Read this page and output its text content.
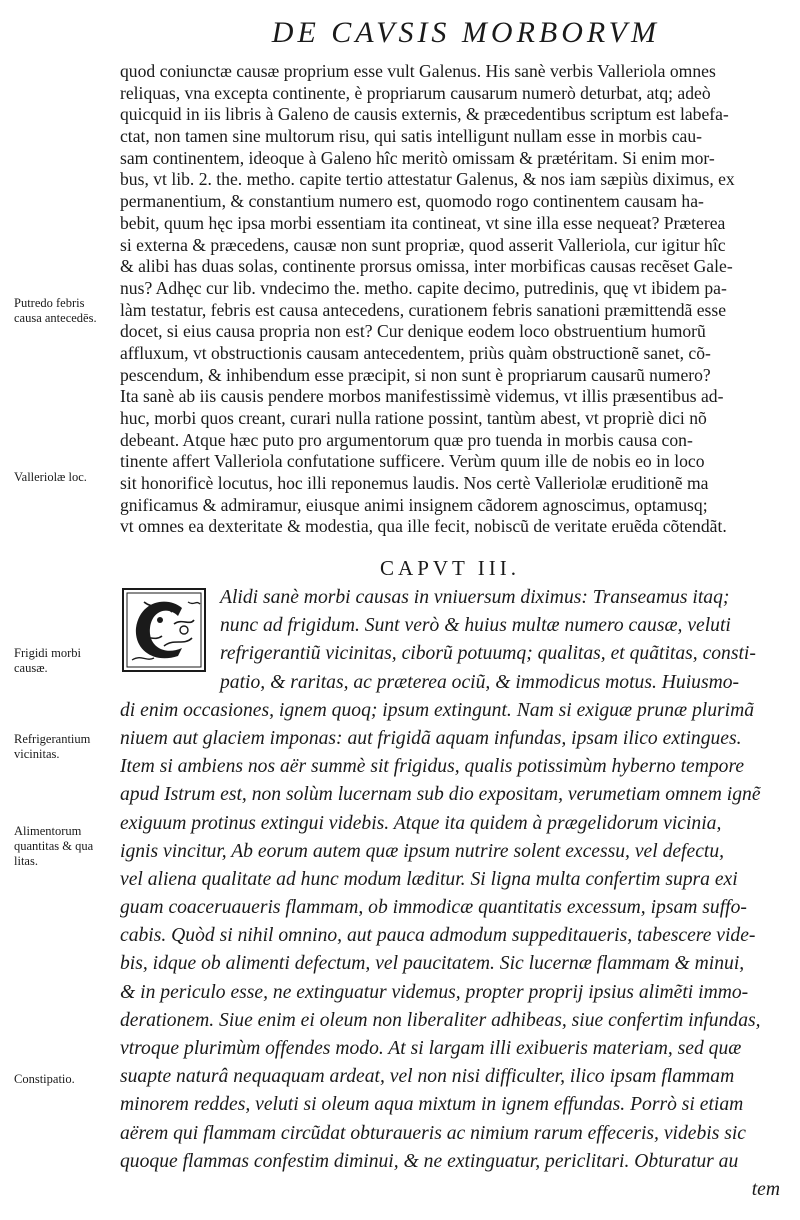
DE CAVSIS MORBORVM
quod coniunctæ causæ proprium esse vult Galenus. His sanè verbis Valleriola omnes
reliquas, vna excepta continente, è propriarum causarum numerò deturbat, atq; adeò
quicquid in iis libris à Galeno de causis externis, & præcedentibus scriptum est labefa-
ctat, non tamen sine multorum risu, qui satis intelligunt nullam esse in morbis cau-
sam continentem, ideoque à Galeno hîc meritò omissam & prætéritam. Si enim mor-
bus, vt lib. 2. the. metho. capite tertio attestatur Galenus, & nos iam sæpiùs diximus, ex
permanentium, & constantium numero est, quomodo rogo continentem causam ha-
bebit, quum hęc ipsa morbi essentiam ita contineat, vt sine illa esse nequeat? Præterea
si externa & præcedens, causæ non sunt propriæ, quod asserit Valleriola, cur igitur hîc
& alibi has duas solas, continente prorsus omissa, inter morbificas causas recẽset Gale-
nus? Adhęc cur lib. vndecimo the. metho. capite decimo, putredinis, quę vt ibidem pa-
làm testatur, febris est causa antecedens, curationem febris sanationi præmittendã esse
docet, si eius causa propria non est? Cur denique eodem loco obstruentium humorũ
affluxum, vt obstructionis causam antecedentem, priùs quàm obstructionẽ sanet, cõ-
pescendum, & inhibendum esse præcipit, si non sunt è propriarum causarũ numero?
Ita sanè ab iis causis pendere morbos manifestissimè videmus, vt illis præsentibus ad-
huc, morbi quos creant, curari nulla ratione possint, tantùm abest, vt propriè dici nõ
debeant. Atque hæc puto pro argumentorum quæ pro tuenda in morbis causa con-
tinente affert Valleriola confutatione sufficere. Verùm quum ille de nobis eo in loco
sit honorificè locutus, hoc illi reponemus laudis. Nos certè Valleriolæ eruditionẽ ma
gnificamus & admiramur, eiusque animi insignem cãdorem agnoscimus, optamusq;
vt omnes ea dexteritate & modestia, qua ille fecit, nobiscũ de veritate eruẽda cõtendãt.
CAPVT III.
Alidi sanè morbi causas in vniuersum diximus: Transeamus itaq;
nunc ad frigidum. Sunt verò & huius multæ numero causæ, veluti
refrigerantiũ vicinitas, ciborũ potuumq; qualitas, et quãtitas, consti-
patio, & raritas, ac præterea ociũ, & immodicus motus. Huiusmo-
di enim occasiones, ignem quoq; ipsum extingunt. Nam si exiguæ prunæ plurimã
niuem aut glaciem imponas: aut frigidã aquam infundas, ipsam ilico extingues.
Item si ambiens nos aër summè sit frigidus, qualis potissimùm hyberno tempore
apud Istrum est, non solùm lucernam sub dio expositam, verumetiam omnem ignẽ
exiguum protinus extingui videbis. Atque ita quidem à prægelidorum vicinia,
ignis vincitur, Ab eorum autem quæ ipsum nutrire solent excessu, vel defectu,
vel aliena qualitate ad hunc modum læditur. Si ligna multa confertim supra exi
guam coaceruaueris flammam, ob immodicæ quantitatis excessum, ipsam suffo-
cabis. Quòd si nihil omnino, aut pauca admodum suppeditaueris, tabescere vide-
bis, idque ob alimenti defectum, vel paucitatem. Sic lucernæ flammam & minui,
& in periculo esse, ne extinguatur videmus, propter proprij ipsius alimẽti immo-
derationem. Siue enim ei oleum non liberaliter adhibeas, siue confertim infundas,
vtroque plurimùm offendes modo. At si largam illi exibueris materiam, sed quæ
suapte naturâ nequaquam ardeat, vel non nisi difficulter, ilico ipsam flammam
minorem reddes, veluti si oleum aqua mixtum in ignem effundas. Porrò si etiam
aërem qui flammam circũdat obturaueris ac nimium rarum effeceris, videbis sic
quoque flammas confestim diminui, & ne extinguatur, periclitari. Obturatur au
tem
Putredo febris
causa antecedēs.
Valleriolæ loc.
Frigidi morbi
causæ.
Refrigerantium
vicinitas.
Alimentorum
quantitas & qua
litas.
Constipatio.
